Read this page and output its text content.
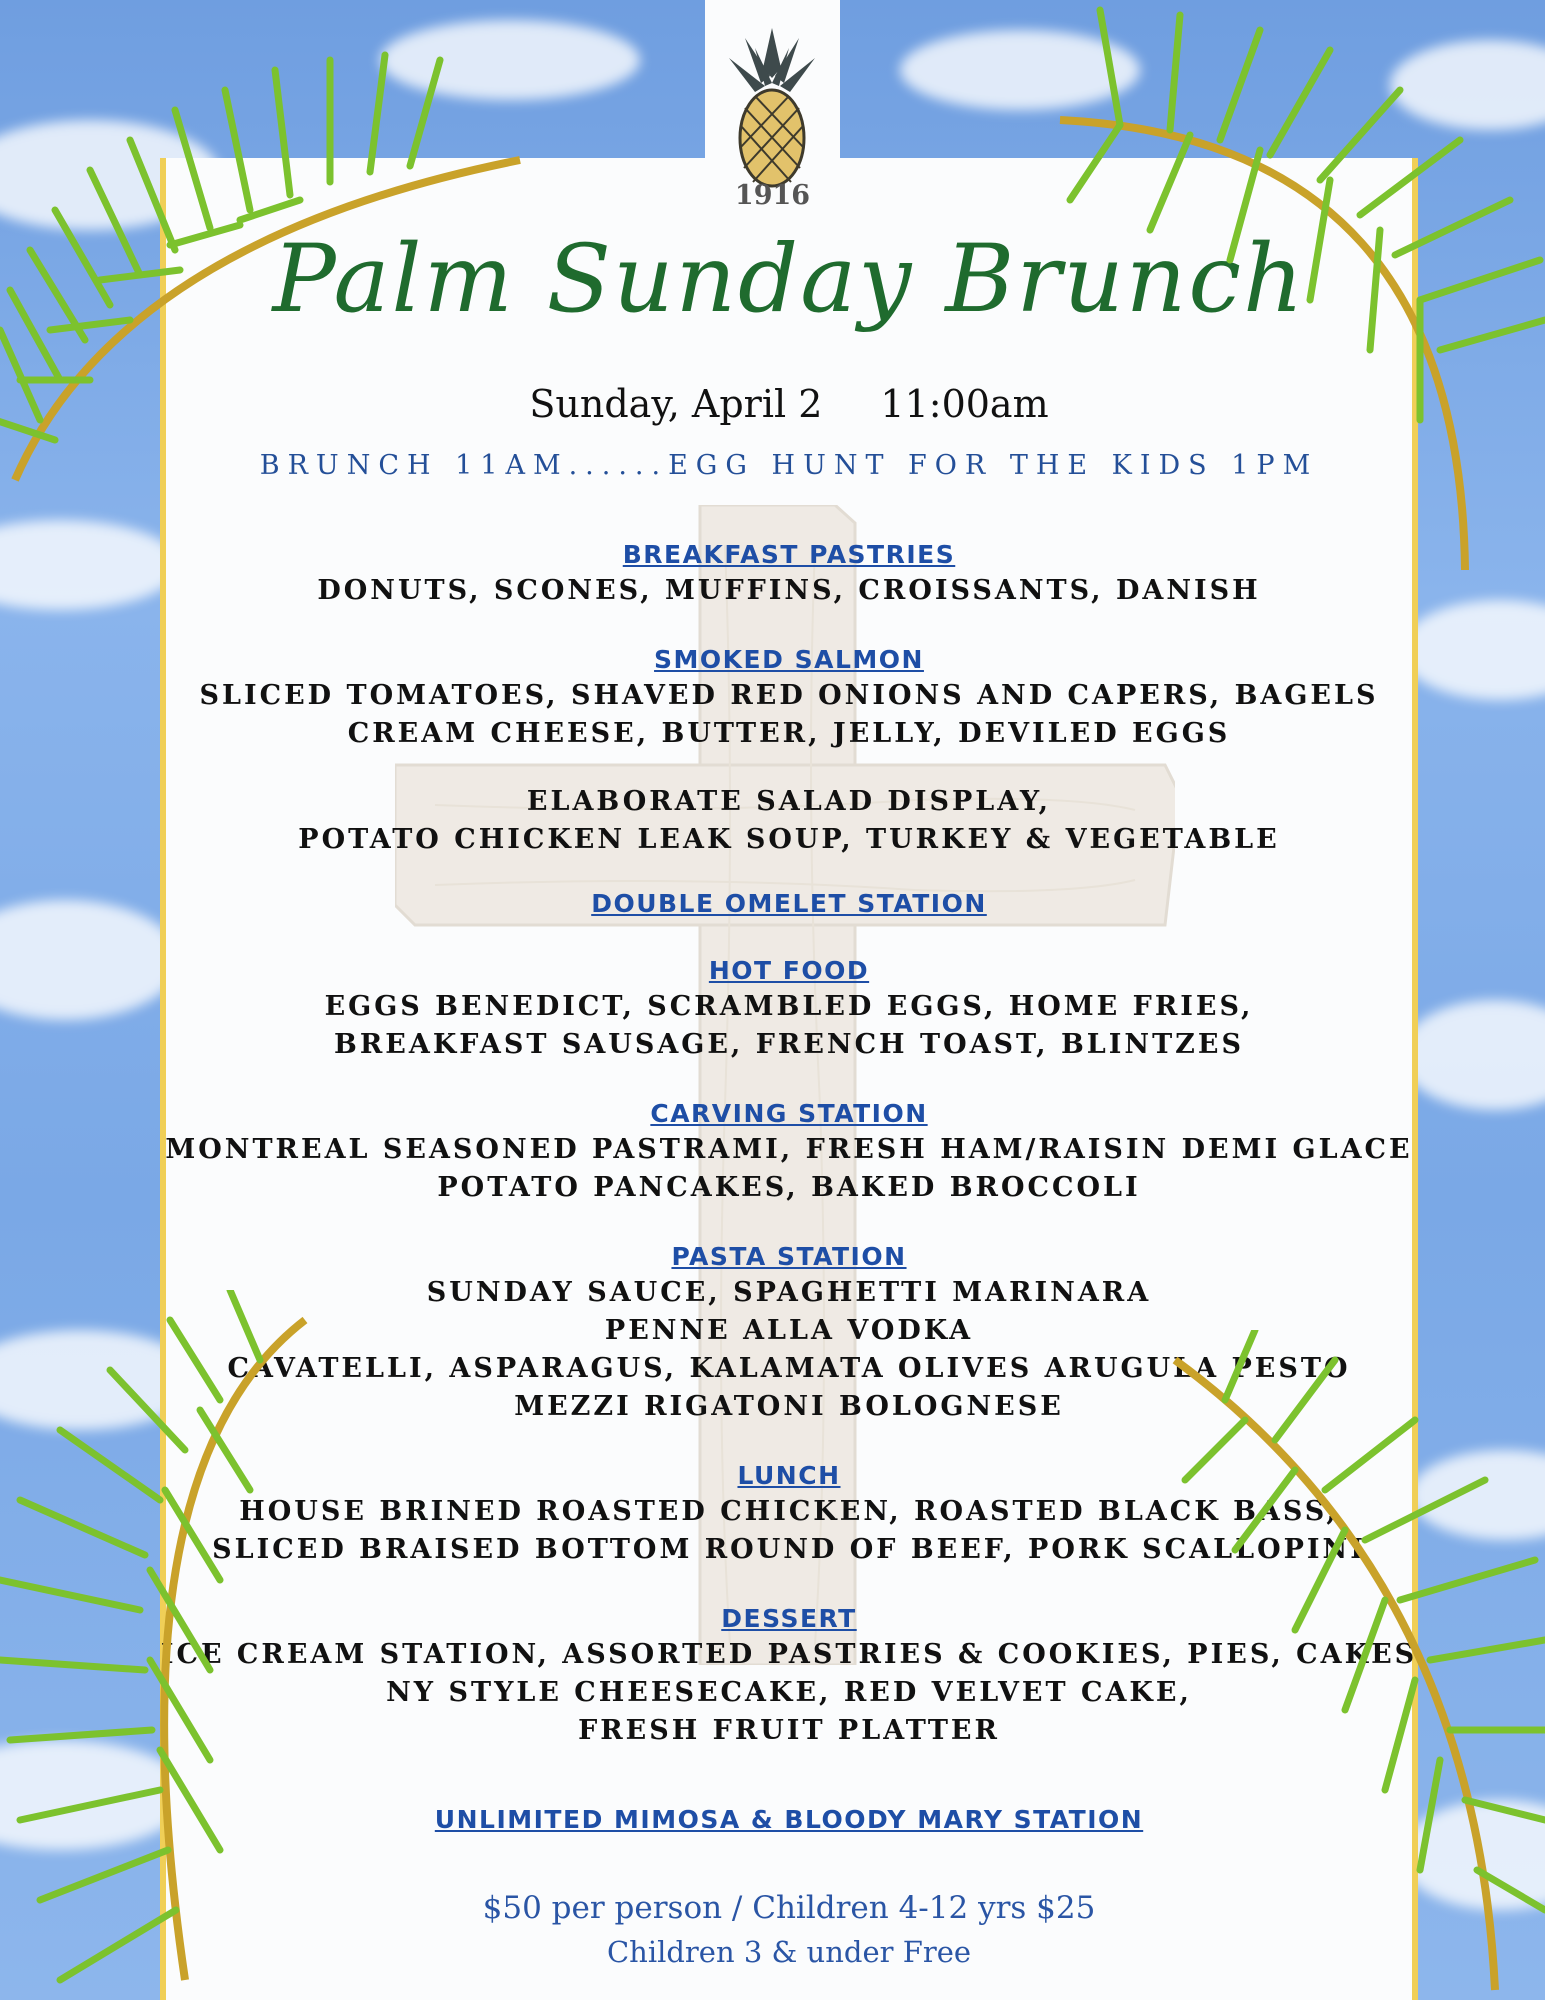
1916
Palm Sunday Brunch
Sunday, April 2 11:00am
BRUNCH 11AM......EGG HUNT FOR THE KIDS 1PM
BREAKFAST PASTRIES
DONUTS, SCONES, MUFFINS, CROISSANTS, DANISH
SMOKED SALMON
SLICED TOMATOES, SHAVED RED ONIONS AND CAPERS, BAGELS
CREAM CHEESE, BUTTER, JELLY, DEVILED EGGS
ELABORATE SALAD DISPLAY,
POTATO CHICKEN LEAK SOUP, TURKEY & VEGETABLE
DOUBLE OMELET STATION
HOT FOOD
EGGS BENEDICT, SCRAMBLED EGGS, HOME FRIES,
BREAKFAST SAUSAGE, FRENCH TOAST, BLINTZES
CARVING STATION
MONTREAL SEASONED PASTRAMI, FRESH HAM/RAISIN DEMI GLACE
POTATO PANCAKES, BAKED BROCCOLI
PASTA STATION
SUNDAY SAUCE, SPAGHETTI MARINARA
PENNE ALLA VODKA
CAVATELLI, ASPARAGUS, KALAMATA OLIVES ARUGULA PESTO
MEZZI RIGATONI BOLOGNESE
LUNCH
HOUSE BRINED ROASTED CHICKEN, ROASTED BLACK BASS,
SLICED BRAISED BOTTOM ROUND OF BEEF, PORK SCALLOPINI
DESSERT
ICE CREAM STATION, ASSORTED PASTRIES & COOKIES, PIES, CAKES
NY STYLE CHEESECAKE, RED VELVET CAKE,
FRESH FRUIT PLATTER
UNLIMITED MIMOSA & BLOODY MARY STATION
$50 per person / Children 4-12 yrs $25
Children 3 & under Free
